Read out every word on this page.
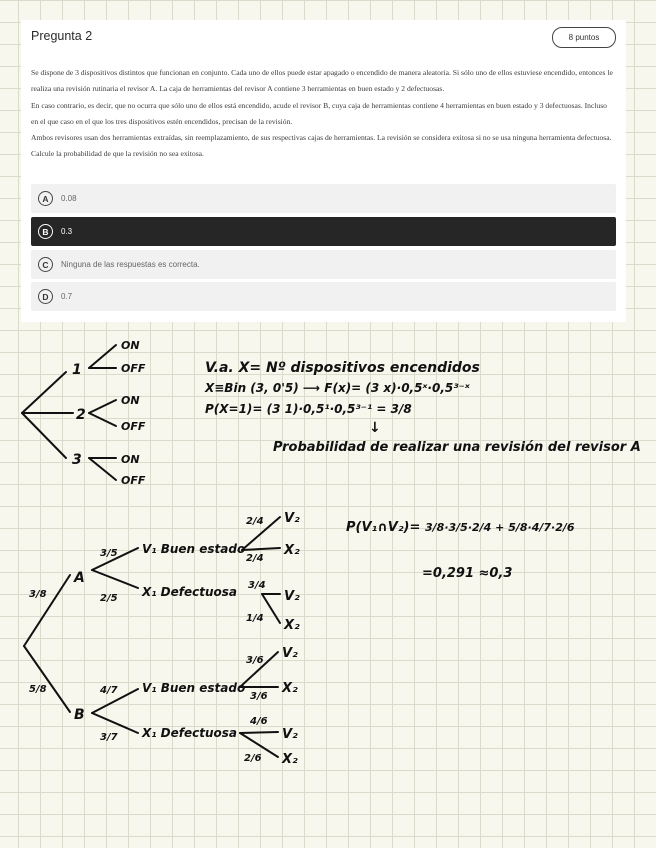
Pregunta 2	8 puntos

Se dispone de 3 dispositivos distintos que funcionan en conjunto. Cada uno de ellos puede estar apagado o encendido de manera aleatoria. Si sólo uno de ellos estuviese encendido, entonces le realiza una revisión rutinaria el revisor A. La caja de herramientas del revisor A contiene 3 herramientas en buen estado y 2 defectuosas.

En caso contrario, es decir, que no ocurra que sólo uno de ellos está encendido, acude el revisor B, cuya caja de herramientas contiene 4 herramientas en buen estado y 3 defectuosas. Incluso en el que caso en el que los tres dispositivos estén encendidos, precisan de la revisión.

Ambos revisores usan dos herramientas extraídas, sin reemplazamiento, de sus respectivas cajas de herramientas. La revisión se considera exitosa si no se usa ninguna herramienta defectuosa. Calcule la probabilidad de que la revisión no sea exitosa.

A	0.08
B	0.3
C	Ninguna de las respuestas es correcta.
D	0.7
1
2
3
ON
OFF
ON
OFF
ON
OFF
V.a. X= Nº dispositivos encendidos
X≡Bin (3, 0'5) ⟶ F(x)= (3 x)·0,5ˣ·0,5³⁻ˣ
P(X=1)= (3 1)·0,5¹·0,5³⁻¹ = 3/8
↓
Probabilidad de realizar una revisión del revisor A
3/8
5/8
A
B
3/5
2/5
4/7
3/7
V₁ Buen estado
X₁ Defectuosa
V₁ Buen estado
X₁ Defectuosa
2/4
2/4
3/4
1/4
3/6
3/6
4/6
2/6
V₂
X₂
V₂
X₂
V₂
X₂
V₂
X₂
P(V₁∩V₂)= 3/8·3/5·2/4 + 5/8·4/7·2/6
=0,291 ≈0,3
